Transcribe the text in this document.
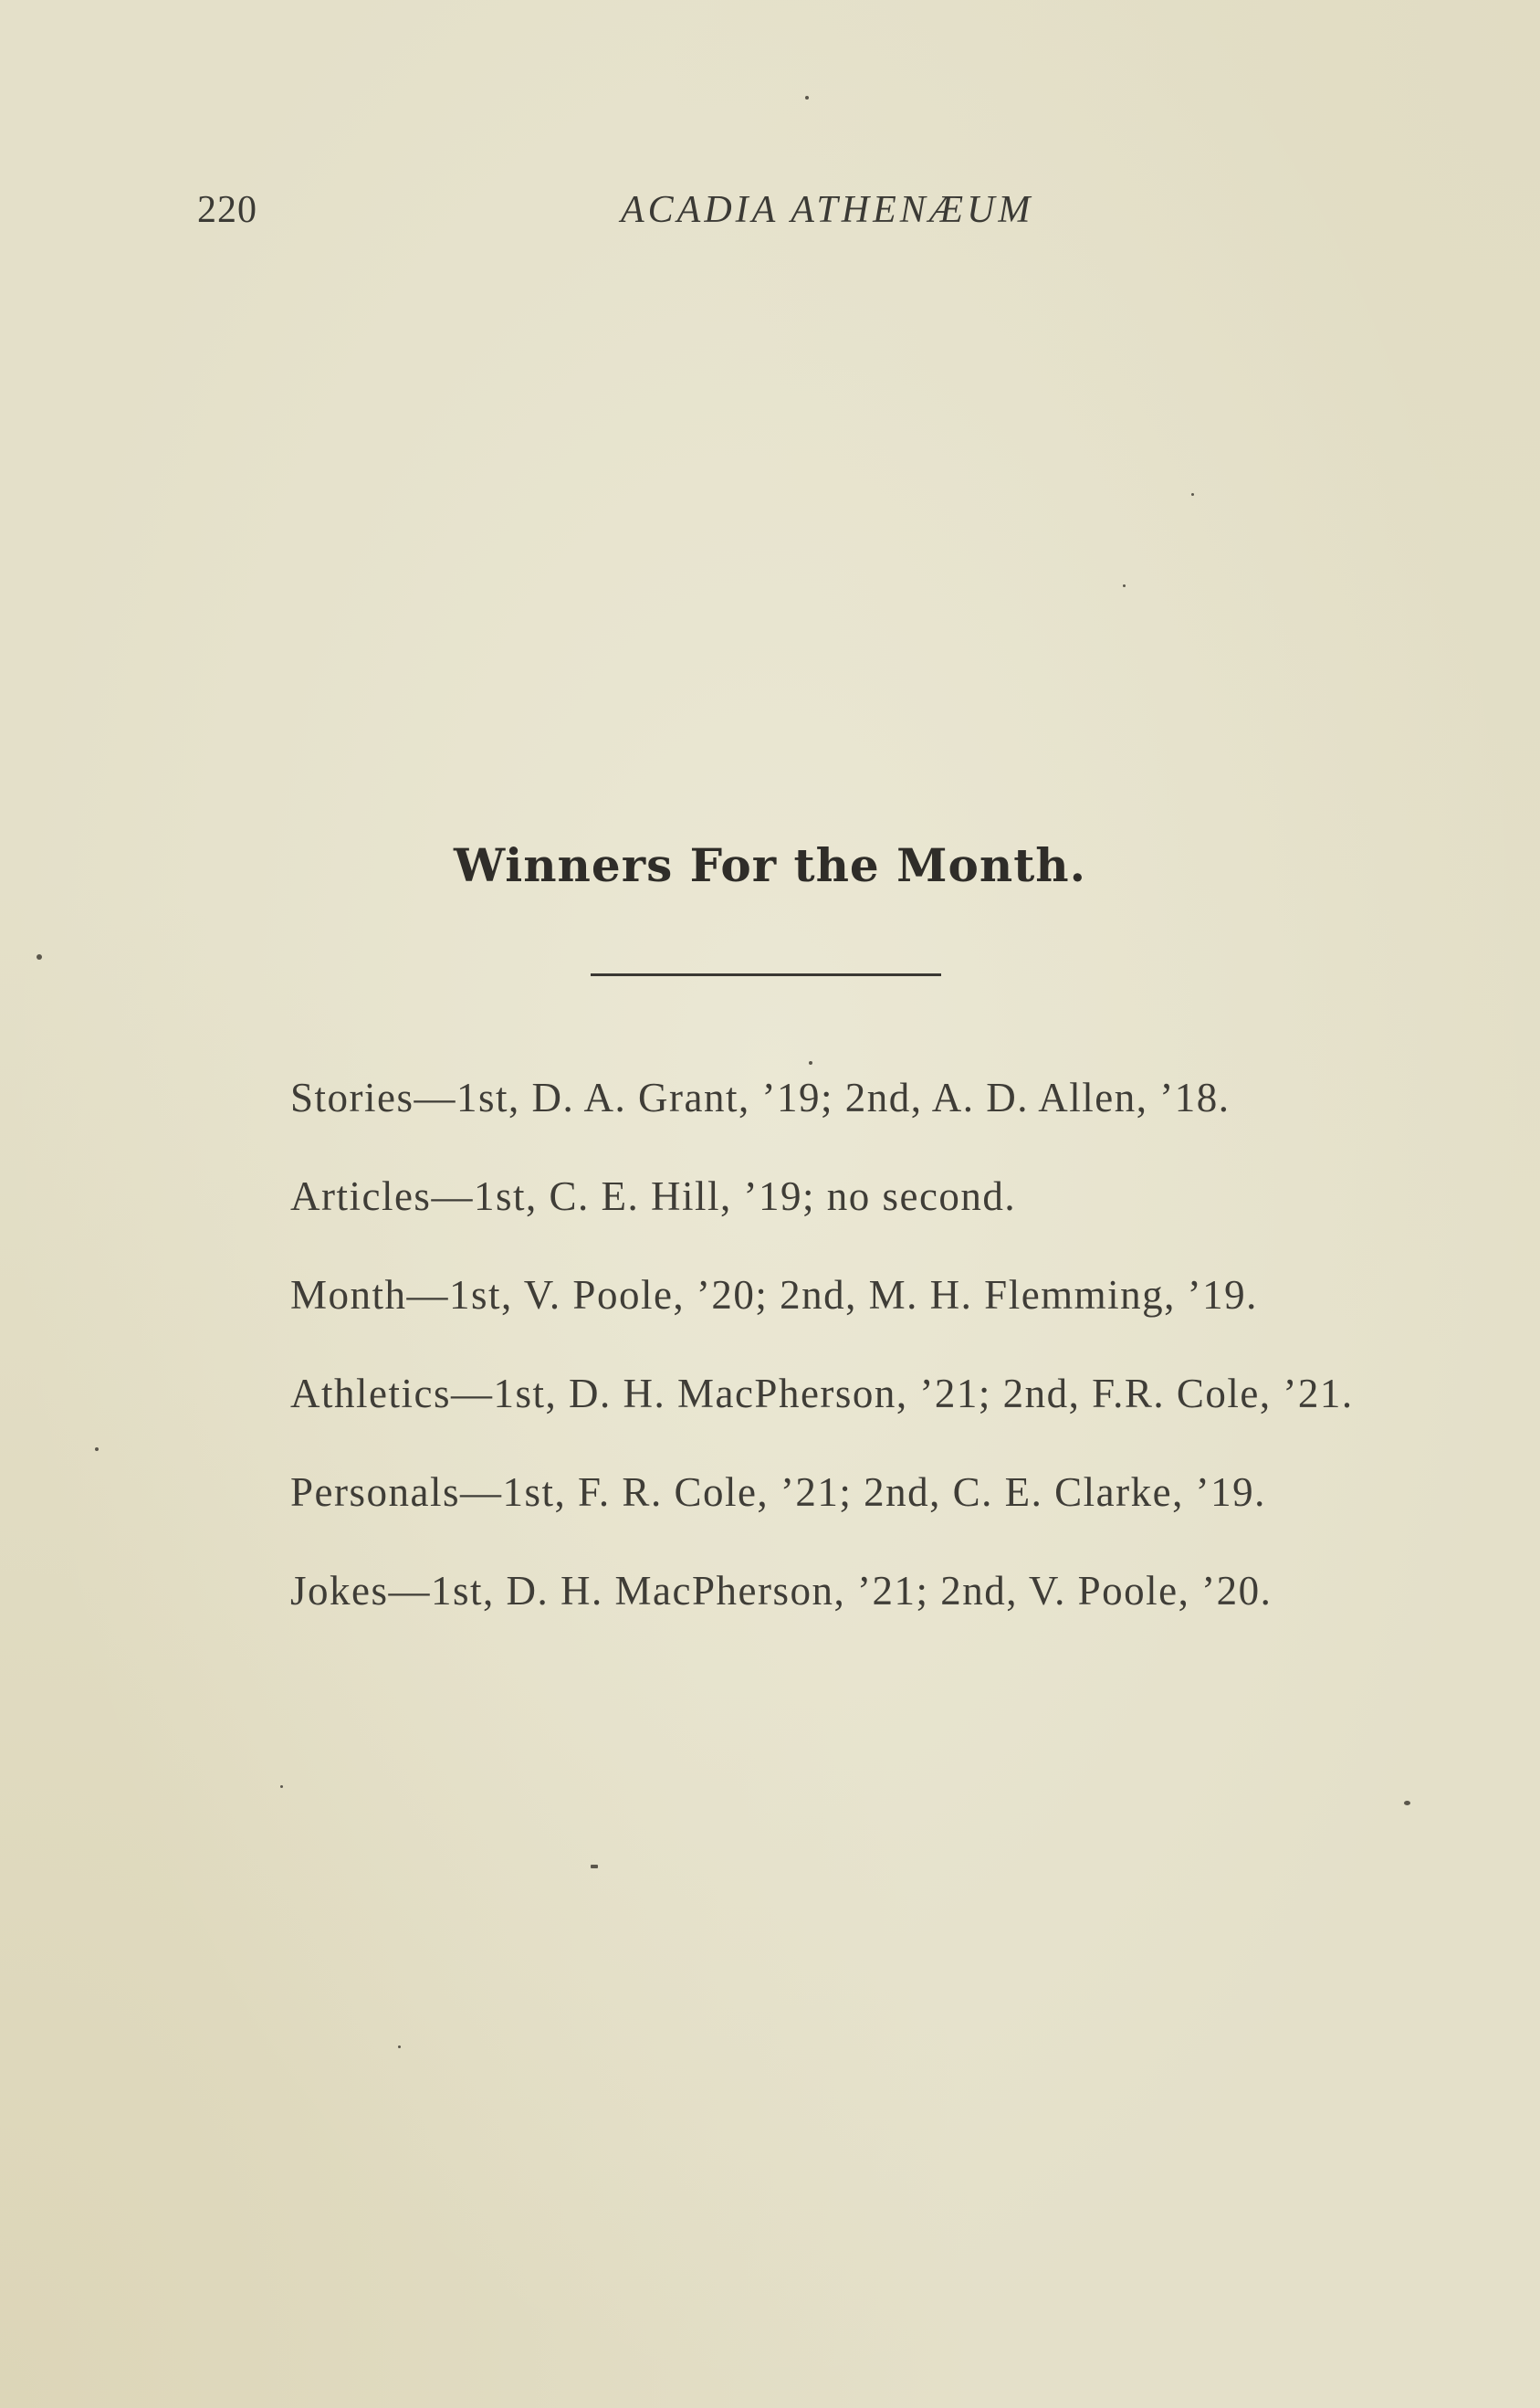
220	ACADIA ATHENÆUM
Winners For the Month.
Stories—1st, D. A. Grant, ’19; 2nd, A. D. Allen, ’18.
Articles—1st, C. E. Hill, ’19; no second.
Month—1st, V. Poole, ’20; 2nd, M. H. Flemming, ’19.
Athletics—1st, D. H. MacPherson, ’21; 2nd, F.R. Cole, ’21.
Personals—1st, F. R. Cole, ’21; 2nd, C. E. Clarke, ’19.
Jokes—1st, D. H. MacPherson, ’21; 2nd, V. Poole, ’20.
